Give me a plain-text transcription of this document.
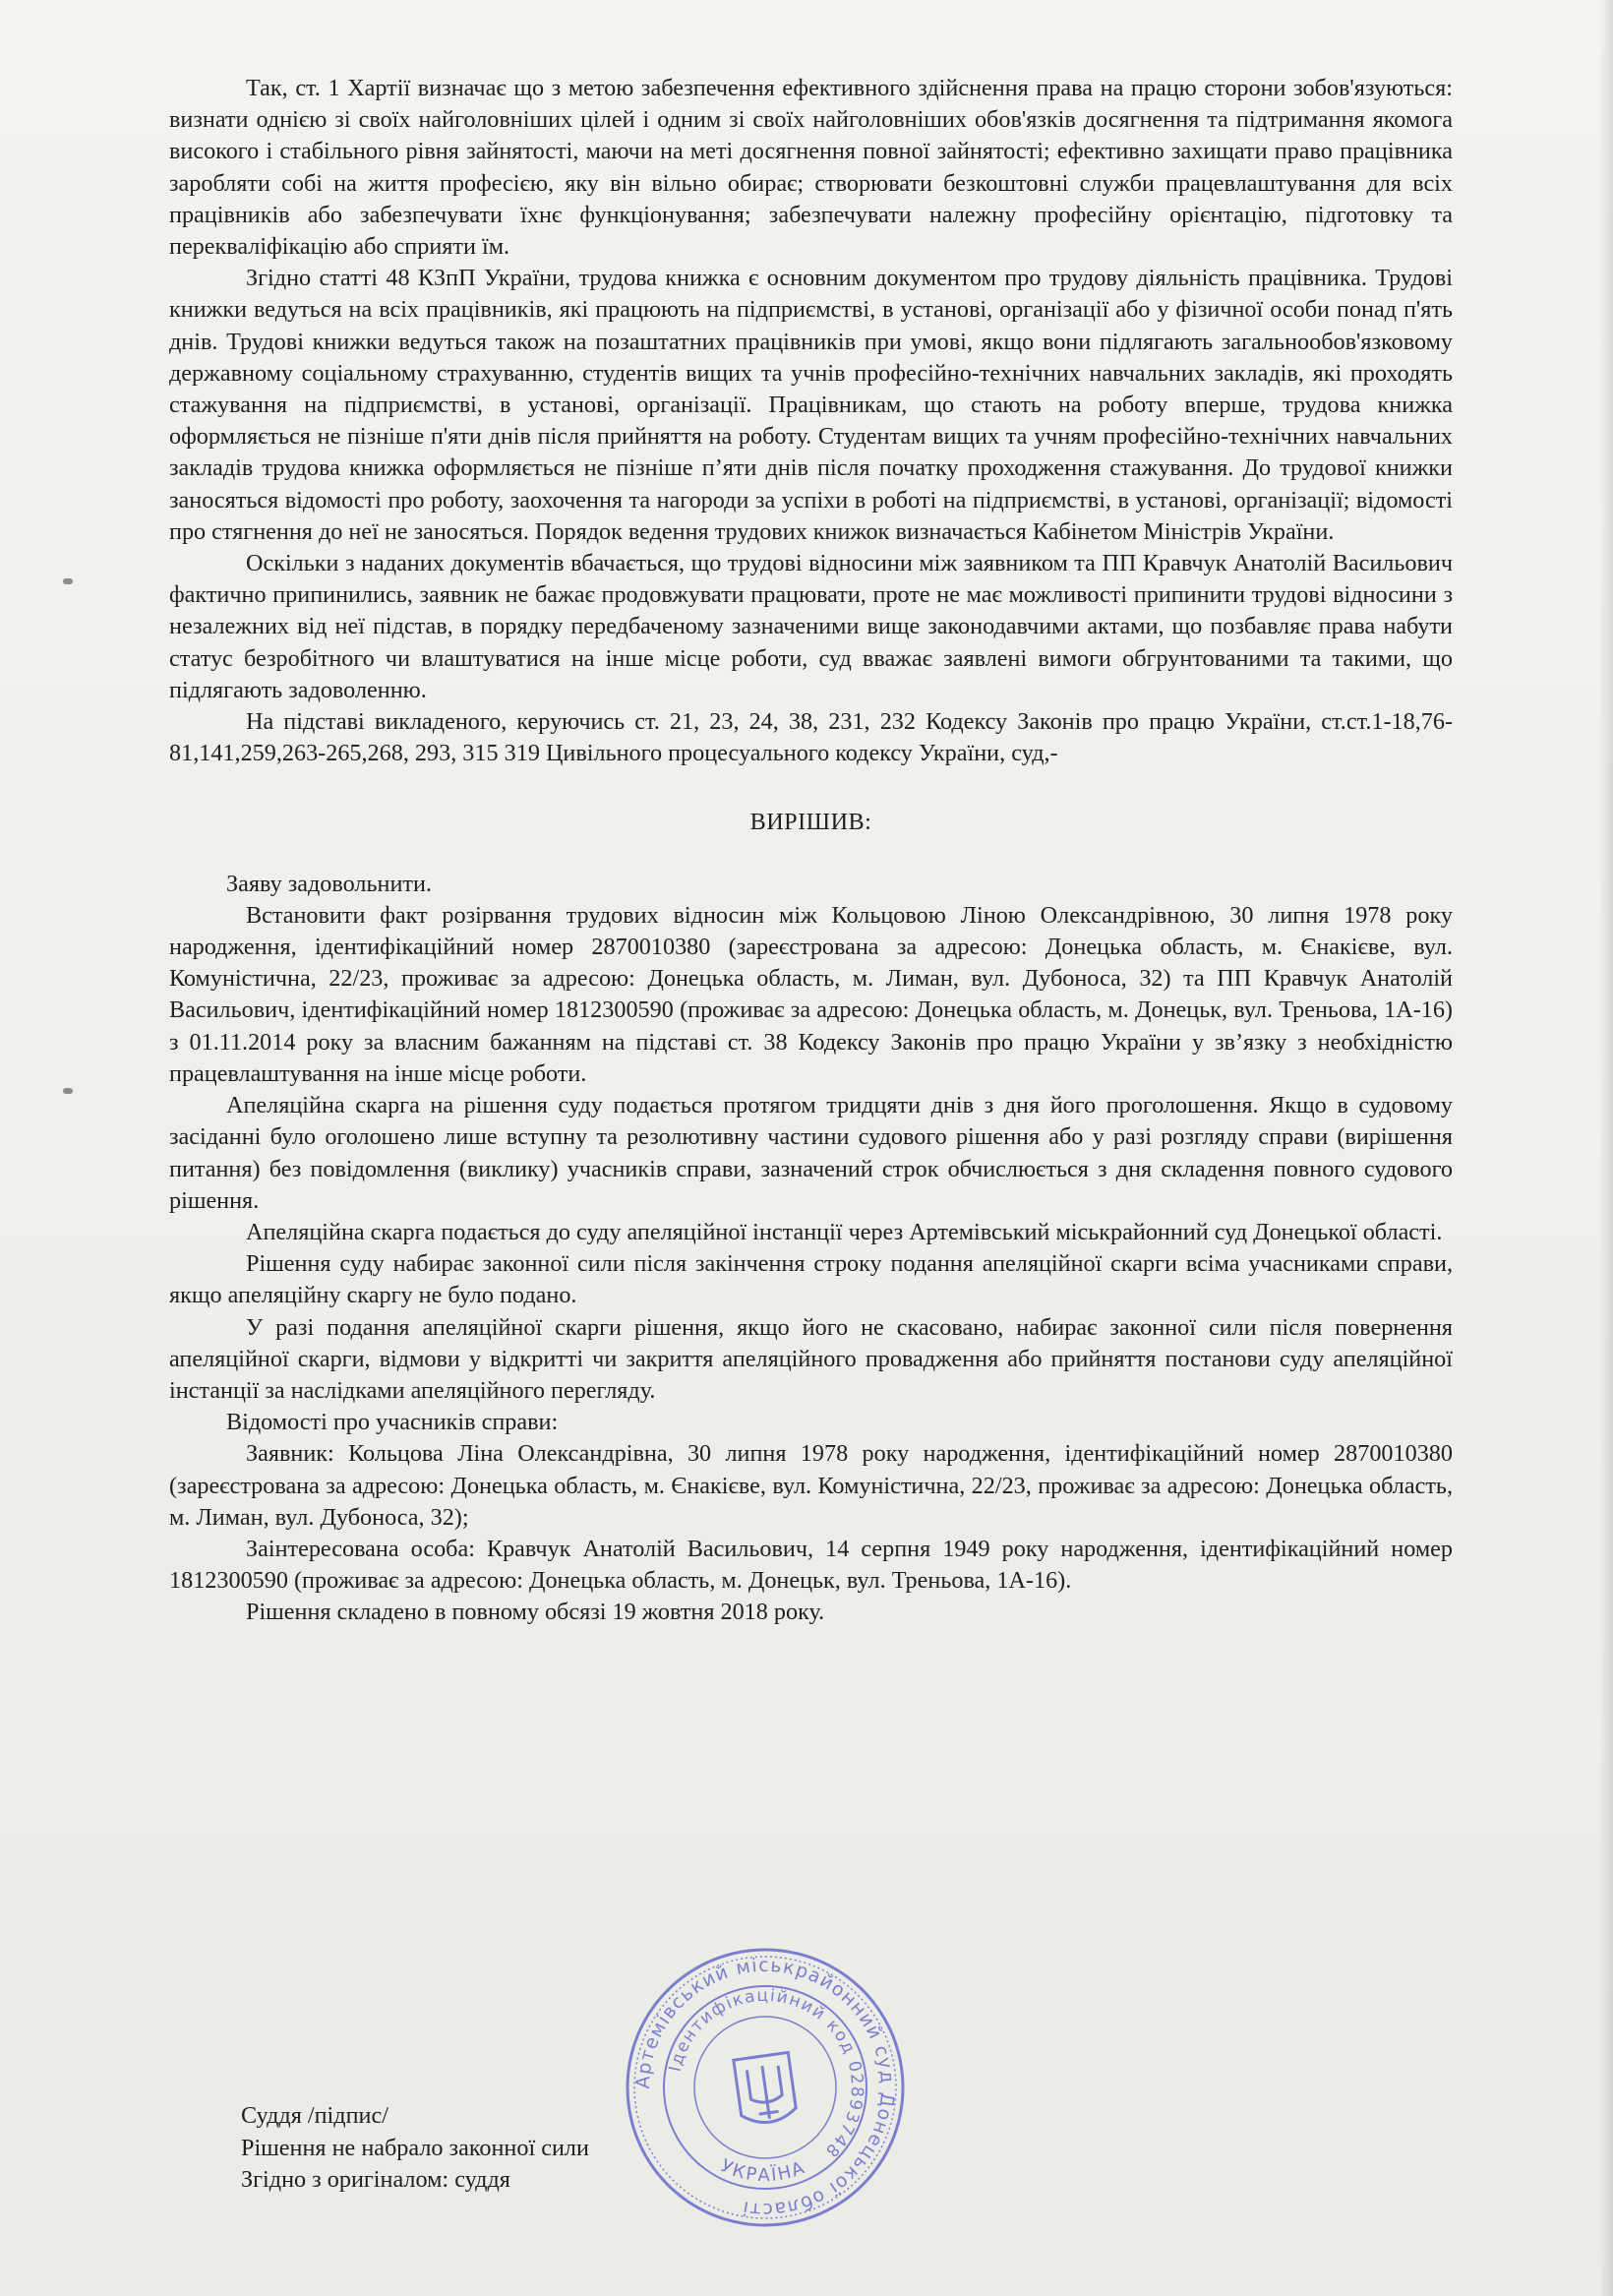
Так, ст. 1 Хартії визначає що з метою забезпечення ефективного здійснення права на працю сторони зобов'язуються: визнати однією зі своїх найголовніших цілей і одним зі своїх найголовніших обов'язків досягнення та підтримання якомога високого і стабільного рівня зайнятості, маючи на меті досягнення повної зайнятості; ефективно захищати право працівника заробляти собі на життя професією, яку він вільно обирає; створювати безкоштовні служби працевлаштування для всіх працівників або забезпечувати їхнє функціонування; забезпечувати належну професійну орієнтацію, підготовку та перекваліфікацію або сприяти їм.

Згідно статті 48 КЗпП України, трудова книжка є основним документом про трудову діяльність працівника. Трудові книжки ведуться на всіх працівників, які працюють на підприємстві, в установі, організації або у фізичної особи понад п'ять днів. Трудові книжки ведуться також на позаштатних працівників при умові, якщо вони підлягають загальнообов'язковому державному соціальному страхуванню, студентів вищих та учнів професійно-технічних навчальних закладів, які проходять стажування на підприємстві, в установі, організації. Працівникам, що стають на роботу вперше, трудова книжка оформляється не пізніше п'яти днів після прийняття на роботу. Студентам вищих та учням професійно-технічних навчальних закладів трудова книжка оформляється не пізніше п’яти днів після початку проходження стажування. До трудової книжки заносяться відомості про роботу, заохочення та нагороди за успіхи в роботі на підприємстві, в установі, організації; відомості про стягнення до неї не заносяться. Порядок ведення трудових книжок визначається Кабінетом Міністрів України.

Оскільки з наданих документів вбачається, що трудові відносини між заявником та ПП Кравчук Анатолій Васильович фактично припинились, заявник не бажає продовжувати працювати, проте не має можливості припинити трудові відносини з незалежних від неї підстав, в порядку передбаченому зазначеними вище законодавчими актами, що позбавляє права набути статус безробітного чи влаштуватися на інше місце роботи, суд вважає заявлені вимоги обгрунтованими та такими, що підлягають задоволенню.

На підставі викладеного, керуючись ст. 21, 23, 24, 38, 231, 232 Кодексу Законів про працю України, ст.ст.1-18,76-81,141,259,263-265,268, 293, 315 319 Цивільного процесуального кодексу України, суд,-

ВИРІШИВ:

Заяву задовольнити.

Встановити факт розірвання трудових відносин між Кольцовою Ліною Олександрівною, 30 липня 1978 року народження, ідентифікаційний номер 2870010380 (зареєстрована за адресою: Донецька область, м. Єнакієве, вул. Комуністична, 22/23, проживає за адресою: Донецька область, м. Лиман, вул. Дубоноса, 32) та ПП Кравчук Анатолій Васильович, ідентифікаційний номер 1812300590 (проживає за адресою: Донецька область, м. Донецьк, вул. Треньова, 1А-16) з 01.11.2014 року за власним бажанням на підставі ст. 38 Кодексу Законів про працю України у зв’язку з необхідністю працевлаштування на інше місце роботи.

Апеляційна скарга на рішення суду подається протягом тридцяти днів з дня його проголошення. Якщо в судовому засіданні було оголошено лише вступну та резолютивну частини судового рішення або у разі розгляду справи (вирішення питання) без повідомлення (виклику) учасників справи, зазначений строк обчислюється з дня складення повного судового рішення.

Апеляційна скарга подається до суду апеляційної інстанції через Артемівський міськрайонний суд Донецької області.

Рішення суду набирає законної сили після закінчення строку подання апеляційної скарги всіма учасниками справи, якщо апеляційну скаргу не було подано.

У разі подання апеляційної скарги рішення, якщо його не скасовано, набирає законної сили після повернення апеляційної скарги, відмови у відкритті чи закриття апеляційного провадження або прийняття постанови суду апеляційної інстанції за наслідками апеляційного перегляду.

Відомості про учасників справи:

Заявник: Кольцова Ліна Олександрівна, 30 липня 1978 року народження, ідентифікаційний номер 2870010380 (зареєстрована за адресою: Донецька область, м. Єнакієве, вул. Комуністична, 22/23, проживає за адресою: Донецька область, м. Лиман, вул. Дубоноса, 32);

Заінтересована особа: Кравчук Анатолій Васильович, 14 серпня 1949 року народження, ідентифікаційний номер 1812300590 (проживає за адресою: Донецька область, м. Донецьк, вул. Треньова, 1А-16).

Рішення складено в повному обсязі 19 жовтня 2018 року.

Артемівський міськрайонний суд Донецької області
Ідентифікаційний код 02893748
УКРАЇНА
Суддя /підпис/
Рішення не набрало законної сили
Згідно з оригіналом: суддя
